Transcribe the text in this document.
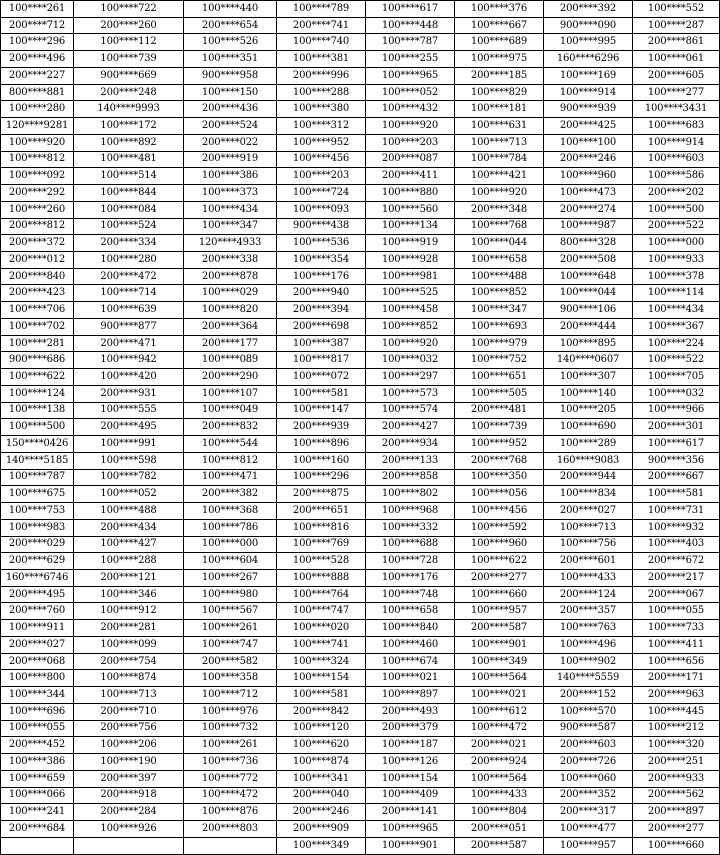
100****261	100****722	100****440	100****789	100****617	100****376	200****392	100****552
200****712	200****260	200****654	200****741	100****448	100****667	900****090	100****287
100****296	100****112	100****526	100****740	100****787	100****689	100****995	200****861
200****496	100****739	100****351	100****381	100****255	100****975	160****6296	100****061
200****227	900****669	900****958	200****996	100****965	200****185	100****169	200****605
800****881	200****248	100****150	100****288	100****052	100****829	100****914	100****277
100****280	140****9993	200****436	100****380	100****432	100****181	900****939	100****3431
120****9281	100****172	200****524	100****312	100****920	100****631	200****425	100****683
100****920	100****892	200****022	100****952	100****203	100****713	100****100	100****914
100****812	100****481	200****919	100****456	200****087	100****784	200****246	100****603
100****092	100****514	100****386	100****203	200****411	100****421	100****960	100****586
200****292	100****844	100****373	100****724	100****880	100****920	100****473	200****202
100****260	100****084	100****434	100****093	100****560	200****348	200****274	100****500
200****812	100****524	100****347	900****438	100****134	100****768	100****987	200****522
200****372	200****334	120****4933	100****536	100****919	100****044	800****328	100****000
200****012	100****280	200****338	100****354	100****928	100****658	200****508	100****933
200****840	200****472	200****878	100****176	100****981	100****488	100****648	100****378
200****423	100****714	100****029	200****940	100****525	100****852	100****044	100****114
100****706	100****639	100****820	200****394	100****458	100****347	900****106	100****434
100****702	900****877	200****364	200****698	100****852	100****693	200****444	100****367
100****281	200****471	200****177	100****387	100****920	100****979	100****895	100****224
900****686	100****942	100****089	100****817	100****032	100****752	140****0607	100****522
100****622	100****420	200****290	100****072	100****297	100****651	100****307	100****705
100****124	200****931	100****107	100****581	100****573	100****505	100****140	100****032
100****138	100****555	100****049	100****147	100****574	200****481	100****205	100****966
100****500	200****495	200****832	200****939	200****427	100****739	100****690	200****301
150****0426	100****991	100****544	100****896	200****934	100****952	100****289	100****617
140****5185	100****598	100****812	100****160	200****133	200****768	160****9083	900****356
100****787	100****782	100****471	100****296	200****858	100****350	200****944	200****667
100****675	100****052	200****382	200****875	100****802	100****056	100****834	100****581
100****753	100****488	100****368	200****651	100****968	100****456	200****027	100****731
100****983	200****434	100****786	100****816	100****332	100****592	100****713	100****932
200****029	100****427	100****000	100****769	100****688	100****960	100****756	100****403
200****629	100****288	100****604	100****528	100****728	100****622	200****601	200****672
160****6746	200****121	100****267	100****888	100****176	200****277	100****433	200****217
200****495	100****346	100****980	100****764	100****748	100****660	200****124	200****067
200****760	100****912	100****567	100****747	100****658	100****957	200****357	100****055
100****911	200****281	100****261	100****020	100****840	200****587	100****763	100****733
200****027	100****099	100****747	100****741	100****460	100****901	100****496	100****411
200****068	200****754	200****582	100****324	100****674	100****349	100****902	100****656
100****800	100****874	100****358	100****154	100****021	100****564	140****5559	200****171
100****344	100****713	100****712	100****581	100****897	100****021	200****152	200****963
100****696	200****710	100****976	200****842	200****493	100****612	100****570	100****445
100****055	200****756	100****732	100****120	200****379	100****472	900****587	100****212
200****452	100****206	100****261	100****620	100****187	200****021	200****603	100****320
100****386	100****190	100****736	100****874	100****126	200****924	200****726	200****251
100****659	200****397	100****772	100****341	100****154	100****564	100****060	200****933
100****066	200****918	100****472	200****040	100****409	100****433	200****352	200****562
100****241	200****284	100****876	200****246	200****141	100****804	200****317	200****897
200****684	100****926	200****803	200****909	100****965	200****051	100****477	200****277
			100****349	100****901	200****587	100****957	100****660
